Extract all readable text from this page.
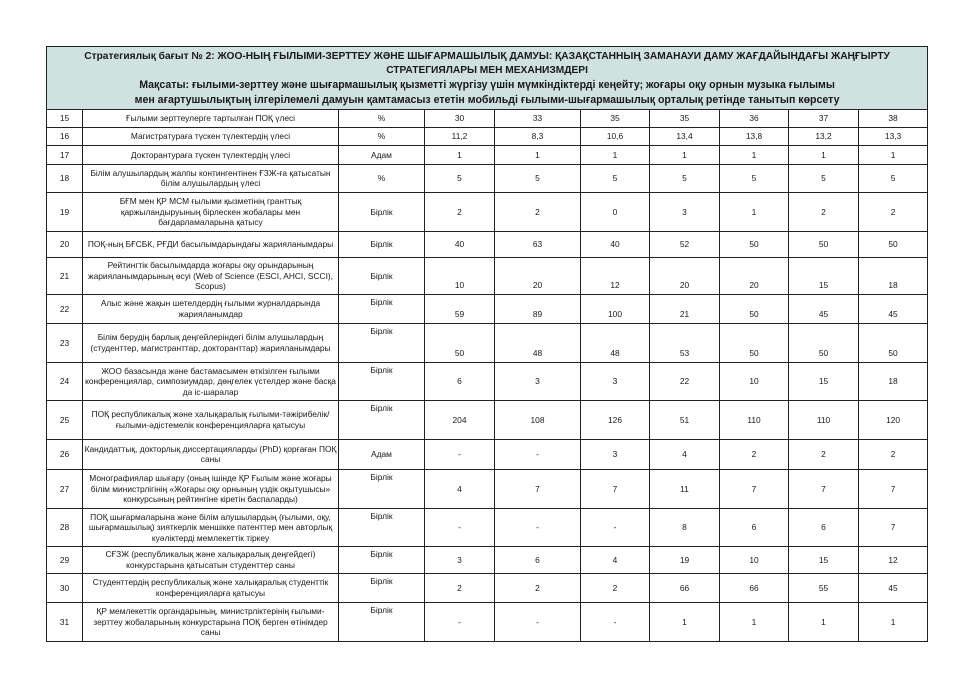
Стратегиялық бағыт № 2: ЖОО-НЫҢ ҒЫЛЫМИ-ЗЕРТТЕУ ЖӘНЕ ШЫҒАРМАШЫЛЫҚ ДАМУЫ: ҚАЗАҚСТАННЫҢ ЗАМАНАУИ ДАМУ ЖАҒДАЙЫНДАҒЫ ЖАҢҒЫРТУ
СТРАТЕГИЯЛАРЫ МЕН МЕХАНИЗМДЕРІ
Мақсаты: ғылыми-зерттеу және шығармашылық қызметті жүргізу үшін мүмкіндіктерді кеңейту; жоғары оқу орнын музыка ғылымы
мен ағартушылықтың ілгерілемелі дамуын қамтамасыз ететін мобильді ғылыми-шығармашылық орталық ретінде танытып көрсету									

15	Ғылыми зерттеулерге тартылған ПОҚ үлесі	%	30	33	35	35	36	37	38
16	Магистратураға түскен түлектердің үлесі	%	11,2	8,3	10,6	13,4	13,8	13,2	13,3
17	Докторантураға түскен түлектердің үлесі	Адам	1	1	1	1	1	1	1
18	Білім алушылардың жалпы контингентінен ҒЗЖ-ға қатысатын білім алушылардың үлесі	%	5	5	5	5	5	5	5
19	БҒМ мен ҚР МСМ ғылыми қызметінің гранттық қаржыландыруының бірлескен жобалары мен бағдарламаларына қатысу	Бірлік	2	2	0	3	1	2	2
20	ПОҚ-ның БҒСБК, РҒДИ басылымдарындағы жарияланымдары	Бірлік	40	63	40	52	50	50	50
21	Рейтингтік басылымдарда жоғары оқу орындарының жарияланымдарының өсуі (Web of Science (ESCI, AHCI, SCCI), Scopus)	Бірлік	10	20	12	20	20	15	18
22	Алыс және жақын шетелдердің ғылыми журналдарында жарияланымдар	Бірлік	59	89	100	21	50	45	45
23	Білім берудің барлық деңгейлеріндегі білім алушылардың (студенттер, магистранттар, докторанттар) жарияланымдары	Бірлік	50	48	48	53	50	50	50
24	ЖОО базасында және бастамасымен өткізілген ғылыми конференциялар, симпозиумдар, дөңгелек үстелдер және басқа да іс-шаралар	Бірлік	6	3	3	22	10	15	18
25	ПОҚ республикалық және халықаралық ғылыми-тәжірибелік/ғылыми-әдістемелік конференцияларға қатысуы	Бірлік	204	108	126	51	110	110	120
26	Кандидаттық, докторлық диссертацияларды (PhD) қорғаған ПОҚ саны	Адам	-	-	3	4	2	2	2
27	Монографиялар шығару (оның ішінде ҚР Ғылым және жоғары білім министрлігінің «Жоғары оқу орнының үздік оқытушысы» конкурсының рейтингіне кіретін баспаларды)	Бірлік	4	7	7	11	7	7	7
28	ПОҚ шығармаларына және білім алушылардың (ғылыми, оқу, шығармашылық) зияткерлік меншікке патенттер мен авторлық куәліктерді мемлекеттік тіркеу	Бірлік	-	-	-	8	6	6	7
29	СҒЗЖ (республикалық және халықаралық деңгейдегі) конкурстарына қатысатын студенттер саны	Бірлік	3	6	4	19	10	15	12
30	Студенттердің республикалық және халықаралық студенттік конференцияларға қатысуы	Бірлік	2	2	2	66	66	55	45
31	ҚР мемлекеттік органдарының, министрліктерінің ғылыми-зерттеу жобаларының конкурстарына ПОҚ берген өтінімдер саны	Бірлік	-	-	-	1	1	1	1
